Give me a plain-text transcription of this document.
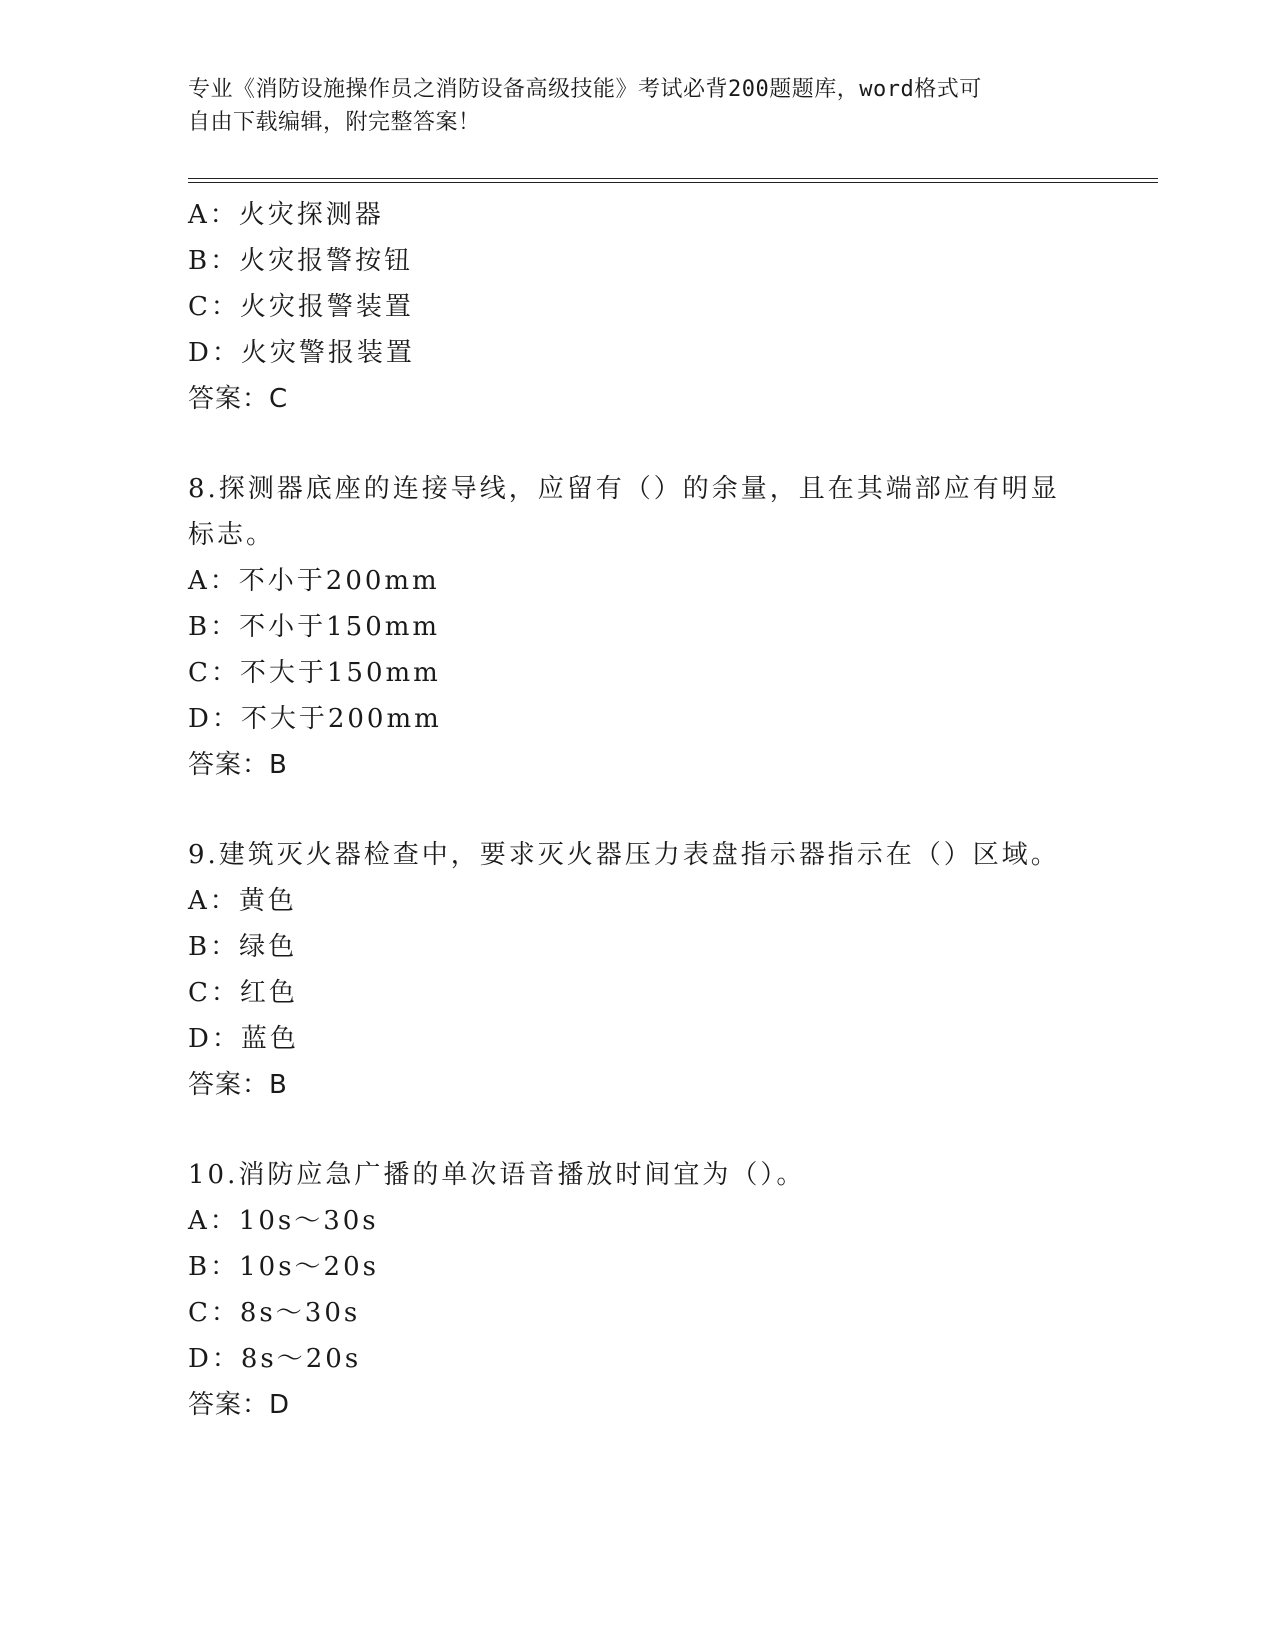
专业《消防设施操作员之消防设备高级技能》考试必背200题题库，word格式可
自由下载编辑，附完整答案！
A：火灾探测器
B：火灾报警按钮
C：火灾报警装置
D：火灾警报装置
答案：C
8.探测器底座的连接导线，应留有（）的余量，且在其端部应有明显
标志。
A：不小于200mm
B：不小于150mm
C：不大于150mm
D：不大于200mm
答案：B
9.建筑灭火器检查中，要求灭火器压力表盘指示器指示在（）区域。
A：黄色
B：绿色
C：红色
D：蓝色
答案：B
10.消防应急广播的单次语音播放时间宜为（）。
A：10s～30s
B：10s～20s
C：8s～30s
D：8s～20s
答案：D
